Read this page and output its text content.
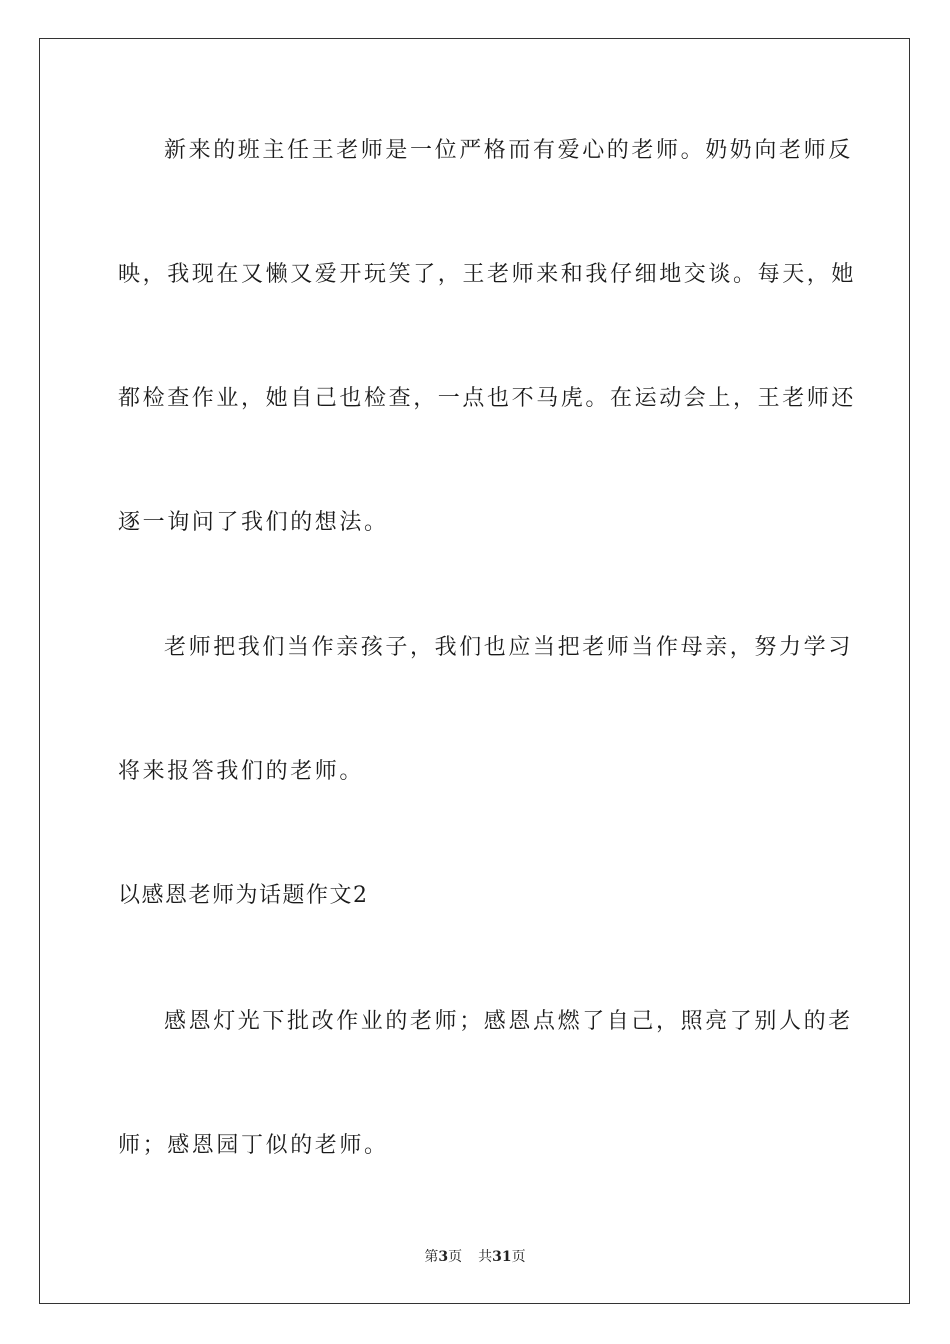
新来的班主任王老师是一位严格而有爱心的老师。奶奶向老师反
映，我现在又懒又爱开玩笑了，王老师来和我仔细地交谈。每天，她
都检查作业，她自己也检查，一点也不马虎。在运动会上，王老师还
逐一询问了我们的想法。
老师把我们当作亲孩子，我们也应当把老师当作母亲，努力学习
将来报答我们的老师。
以感恩老师为话题作文2
感恩灯光下批改作业的老师；感恩点燃了自己，照亮了别人的老
师；感恩园丁似的老师。
第3页 共31页
